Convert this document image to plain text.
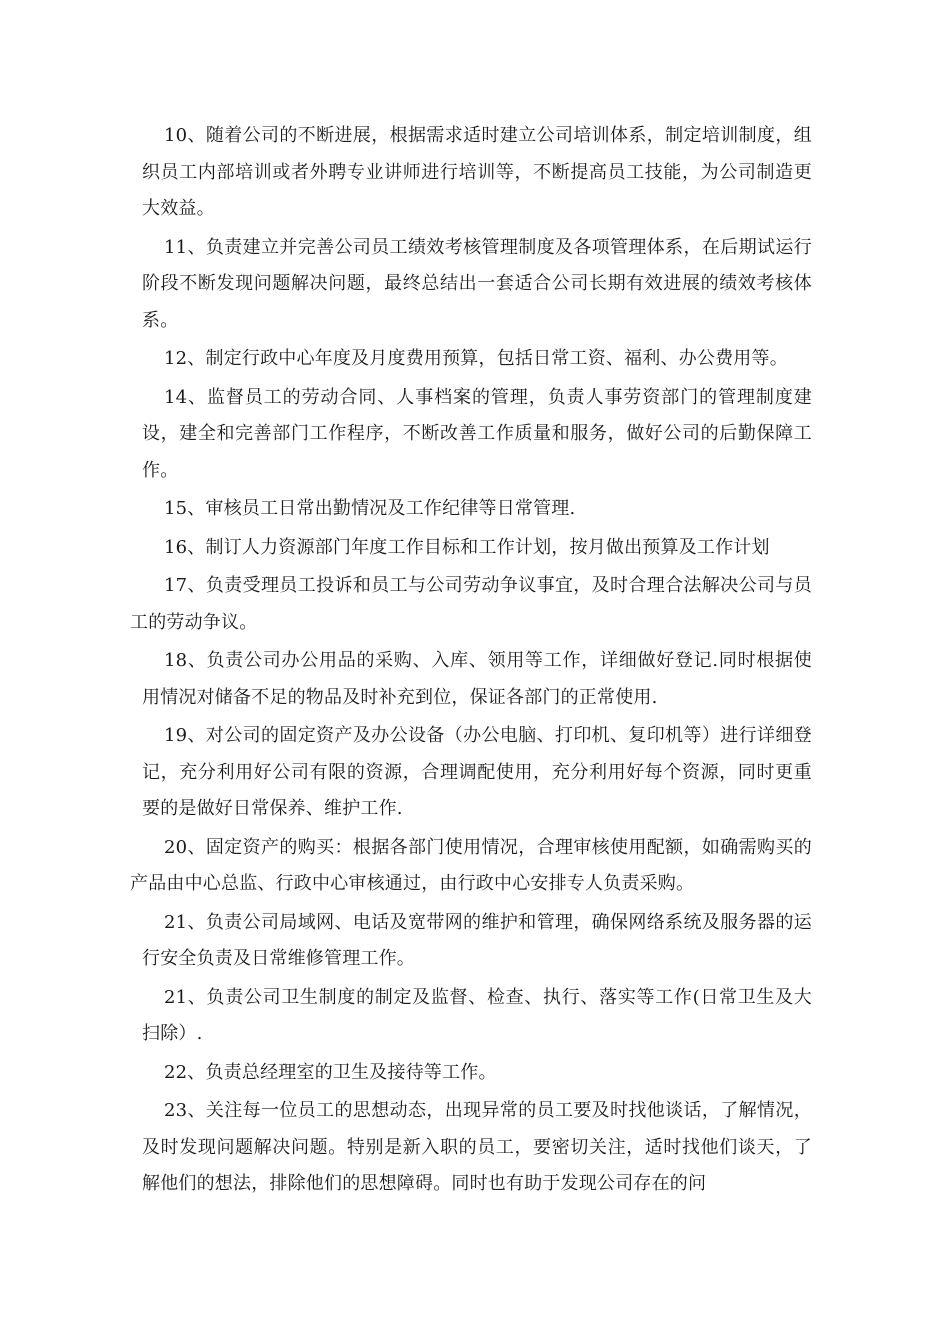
10、随着公司的不断进展，根据需求适时建立公司培训体系，制定培训制度，组织员工内部培训或者外聘专业讲师进行培训等，不断提高员工技能，为公司制造更大效益。

11、负责建立并完善公司员工绩效考核管理制度及各项管理体系，在后期试运行阶段不断发现问题解决问题，最终总结出一套适合公司长期有效进展的绩效考核体系。

12、制定行政中心年度及月度费用预算，包括日常工资、福利、办公费用等。

14、监督员工的劳动合同、人事档案的管理，负责人事劳资部门的管理制度建设，建全和完善部门工作程序，不断改善工作质量和服务，做好公司的后勤保障工作。

15、审核员工日常出勤情况及工作纪律等日常管理.

16、制订人力资源部门年度工作目标和工作计划，按月做出预算及工作计划

17、负责受理员工投诉和员工与公司劳动争议事宜，及时合理合法解决公司与员工的劳动争议。

18、负责公司办公用品的采购、入库、领用等工作，详细做好登记.同时根据使用情况对储备不足的物品及时补充到位，保证各部门的正常使用.

19、对公司的固定资产及办公设备（办公电脑、打印机、复印机等）进行详细登记，充分利用好公司有限的资源，合理调配使用，充分利用好每个资源，同时更重要的是做好日常保养、维护工作.

20、固定资产的购买：根据各部门使用情况，合理审核使用配额，如确需购买的产品由中心总监、行政中心审核通过，由行政中心安排专人负责采购。

21、负责公司局域网、电话及宽带网的维护和管理，确保网络系统及服务器的运行安全负责及日常维修管理工作。

21、负责公司卫生制度的制定及监督、检查、执行、落实等工作(日常卫生及大扫除）.

22、负责总经理室的卫生及接待等工作。

23、关注每一位员工的思想动态，出现异常的员工要及时找他谈话，了解情况，及时发现问题解决问题。特别是新入职的员工，要密切关注，适时找他们谈天，了解他们的想法，排除他们的思想障碍。同时也有助于发现公司存在的问
